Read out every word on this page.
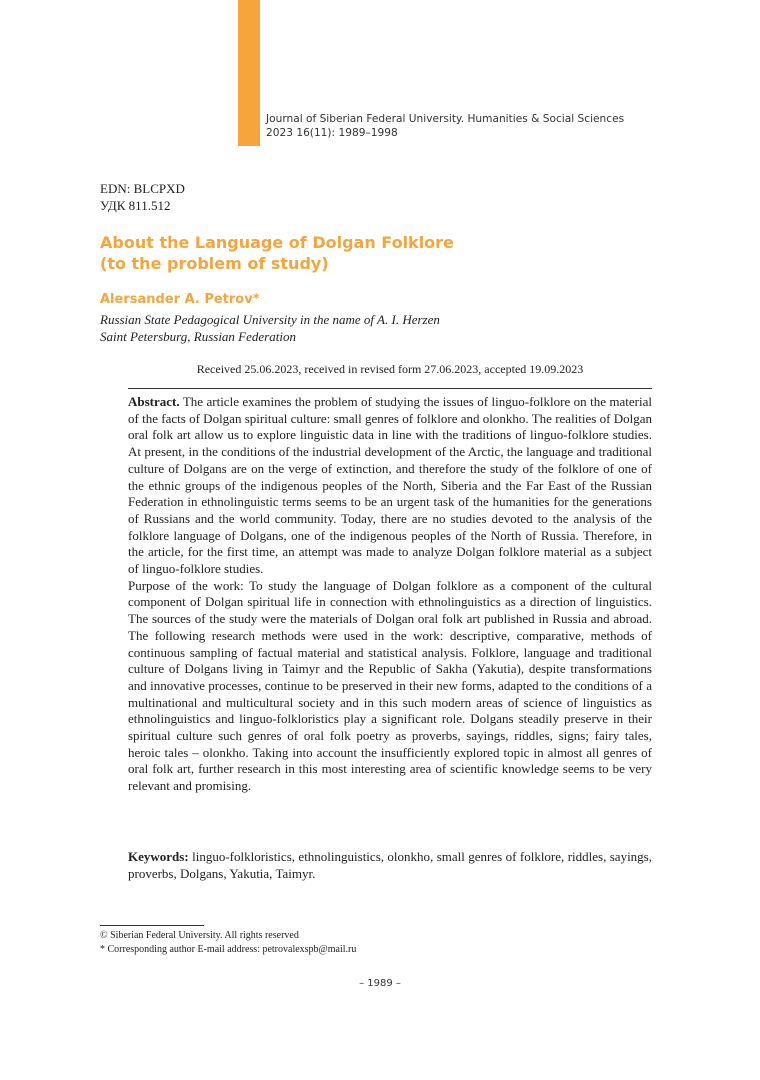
Journal of Siberian Federal University. Humanities & Social Sciences
2023 16(11): 1989–1998
EDN: BLCPXD
УДК 811.512
About the Language of Dolgan Folklore
(to the problem of study)
Alersander A. Petrov*
Russian State Pedagogical University in the name of A. I. Herzen
Saint Petersburg, Russian Federation
Received 25.06.2023, received in revised form 27.06.2023, accepted 19.09.2023

Abstract. The article examines the problem of studying the issues of linguo-folklore on the material of the facts of Dolgan spiritual culture: small genres of folklore and olonkho. The realities of Dolgan oral folk art allow us to explore linguistic data in line with the traditions of linguo-folklore studies. At present, in the conditions of the industrial development of the Arctic, the language and traditional culture of Dolgans are on the verge of extinction, and therefore the study of the folklore of one of the ethnic groups of the indigenous peoples of the North, Siberia and the Far East of the Russian Federation in ethnolinguistic terms seems to be an urgent task of the humanities for the generations of Russians and the world community. Today, there are no studies devoted to the analysis of the folklore language of Dolgans, one of the indigenous peoples of the North of Russia. Therefore, in the article, for the first time, an attempt was made to analyze Dolgan folklore material as a subject of linguo-folklore studies.

Purpose of the work: To study the language of Dolgan folklore as a component of the cultural component of Dolgan spiritual life in connection with ethnolinguistics as a direction of linguistics. The sources of the study were the materials of Dolgan oral folk art published in Russia and abroad. The following research methods were used in the work: descriptive, comparative, methods of continuous sampling of factual material and statistical analysis. Folklore, language and traditional culture of Dolgans living in Taimyr and the Republic of Sakha (Yakutia), despite transformations and innovative processes, continue to be preserved in their new forms, adapted to the conditions of a multinational and multicultural society and in this such modern areas of science of linguistics as ethnolinguistics and linguo-folkloristics play a significant role. Dolgans steadily preserve in their spiritual culture such genres of oral folk poetry as proverbs, sayings, riddles, signs; fairy tales, heroic tales – olonkho. Taking into account the insufficiently explored topic in almost all genres of oral folk art, further research in this most interesting area of scientific knowledge seems to be very relevant and promising.

Keywords: linguo-folkloristics, ethnolinguistics, olonkho, small genres of folklore, riddles, sayings, proverbs, Dolgans, Yakutia, Taimyr.

© Siberian Federal University. All rights reserved
* Corresponding author E-mail address: petrovalexspb@mail.ru
– 1989 –
